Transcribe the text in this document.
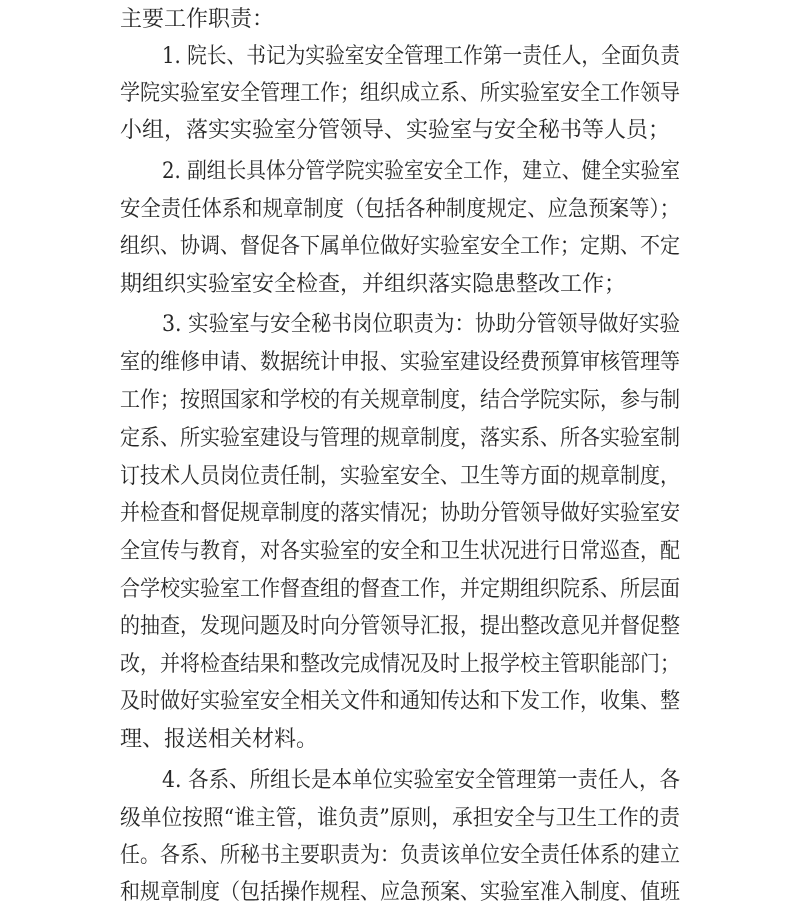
主要工作职责：
1. 院长、书记为实验室安全管理工作第一责任人，全面负责
学院实验室安全管理工作；组织成立系、所实验室安全工作领导
小组，落实实验室分管领导、实验室与安全秘书等人员；
2. 副组长具体分管学院实验室安全工作，建立、健全实验室
安全责任体系和规章制度（包括各种制度规定、应急预案等）；
组织、协调、督促各下属单位做好实验室安全工作；定期、不定
期组织实验室安全检查，并组织落实隐患整改工作；
3. 实验室与安全秘书岗位职责为：协助分管领导做好实验
室的维修申请、数据统计申报、实验室建设经费预算审核管理等
工作；按照国家和学校的有关规章制度，结合学院实际，参与制
定系、所实验室建设与管理的规章制度，落实系、所各实验室制
订技术人员岗位责任制，实验室安全、卫生等方面的规章制度，
并检查和督促规章制度的落实情况；协助分管领导做好实验室安
全宣传与教育，对各实验室的安全和卫生状况进行日常巡查，配
合学校实验室工作督查组的督查工作，并定期组织院系、所层面
的抽查，发现问题及时向分管领导汇报，提出整改意见并督促整
改，并将检查结果和整改完成情况及时上报学校主管职能部门；
及时做好实验室安全相关文件和通知传达和下发工作，收集、整
理、报送相关材料。
4. 各系、所组长是本单位实验室安全管理第一责任人，各
级单位按照“谁主管，谁负责”原则，承担安全与卫生工作的责
任。各系、所秘书主要职责为：负责该单位安全责任体系的建立
和规章制度（包括操作规程、应急预案、实验室准入制度、值班
